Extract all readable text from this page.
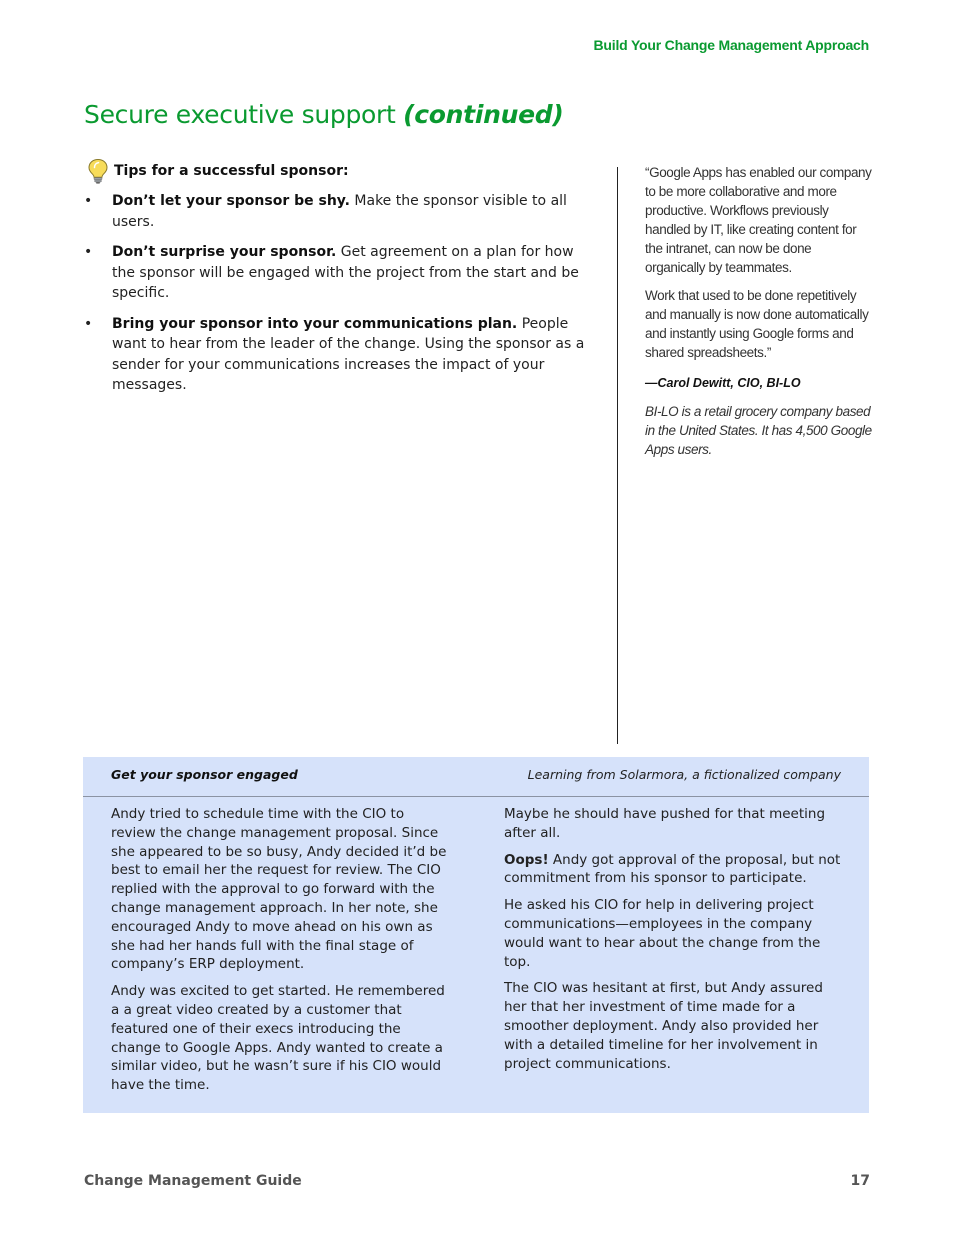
Build Your Change Management Approach
Secure executive support (continued)
Tips for a successful sponsor:
• Don’t let your sponsor be shy. Make the sponsor visible to all users.
• Don’t surprise your sponsor. Get agreement on a plan for how the sponsor will be engaged with the project from the start and be specific.
• Bring your sponsor into your communications plan. People want to hear from the leader of the change. Using the sponsor as a sender for your communications increases the impact of your messages.

“Google Apps has enabled our company to be more collaborative and more productive. Workflows previously handled by IT, like creating content for the intranet, can now be done organically by teammates.

Work that used to be done repetitively and manually is now done automatically and instantly using Google forms and shared spreadsheets.”

—Carol Dewitt, CIO, BI-LO

BI-LO is a retail grocery company based in the United States. It has 4,500 Google Apps users.

Get your sponsor engaged	Learning from Solarmora, a fictionalized company

Andy tried to schedule time with the CIO to review the change management proposal. Since she appeared to be so busy, Andy decided it’d be best to email her the request for review. The CIO replied with the approval to go forward with the change management approach. In her note, she encouraged Andy to move ahead on his own as she had her hands full with the final stage of company’s ERP deployment.

Andy was excited to get started. He remembered a a great video created by a customer that featured one of their execs introducing the change to Google Apps. Andy wanted to create a similar video, but he wasn’t sure if his CIO would have the time.

Maybe he should have pushed for that meeting after all.

Oops! Andy got approval of the proposal, but not commitment from his sponsor to participate.

He asked his CIO for help in delivering project communications—employees in the company would want to hear about the change from the top.

The CIO was hesitant at first, but Andy assured her that her investment of time made for a smoother deployment. Andy also provided her with a detailed timeline for her involvement in project communications.

Change Management Guide	17
